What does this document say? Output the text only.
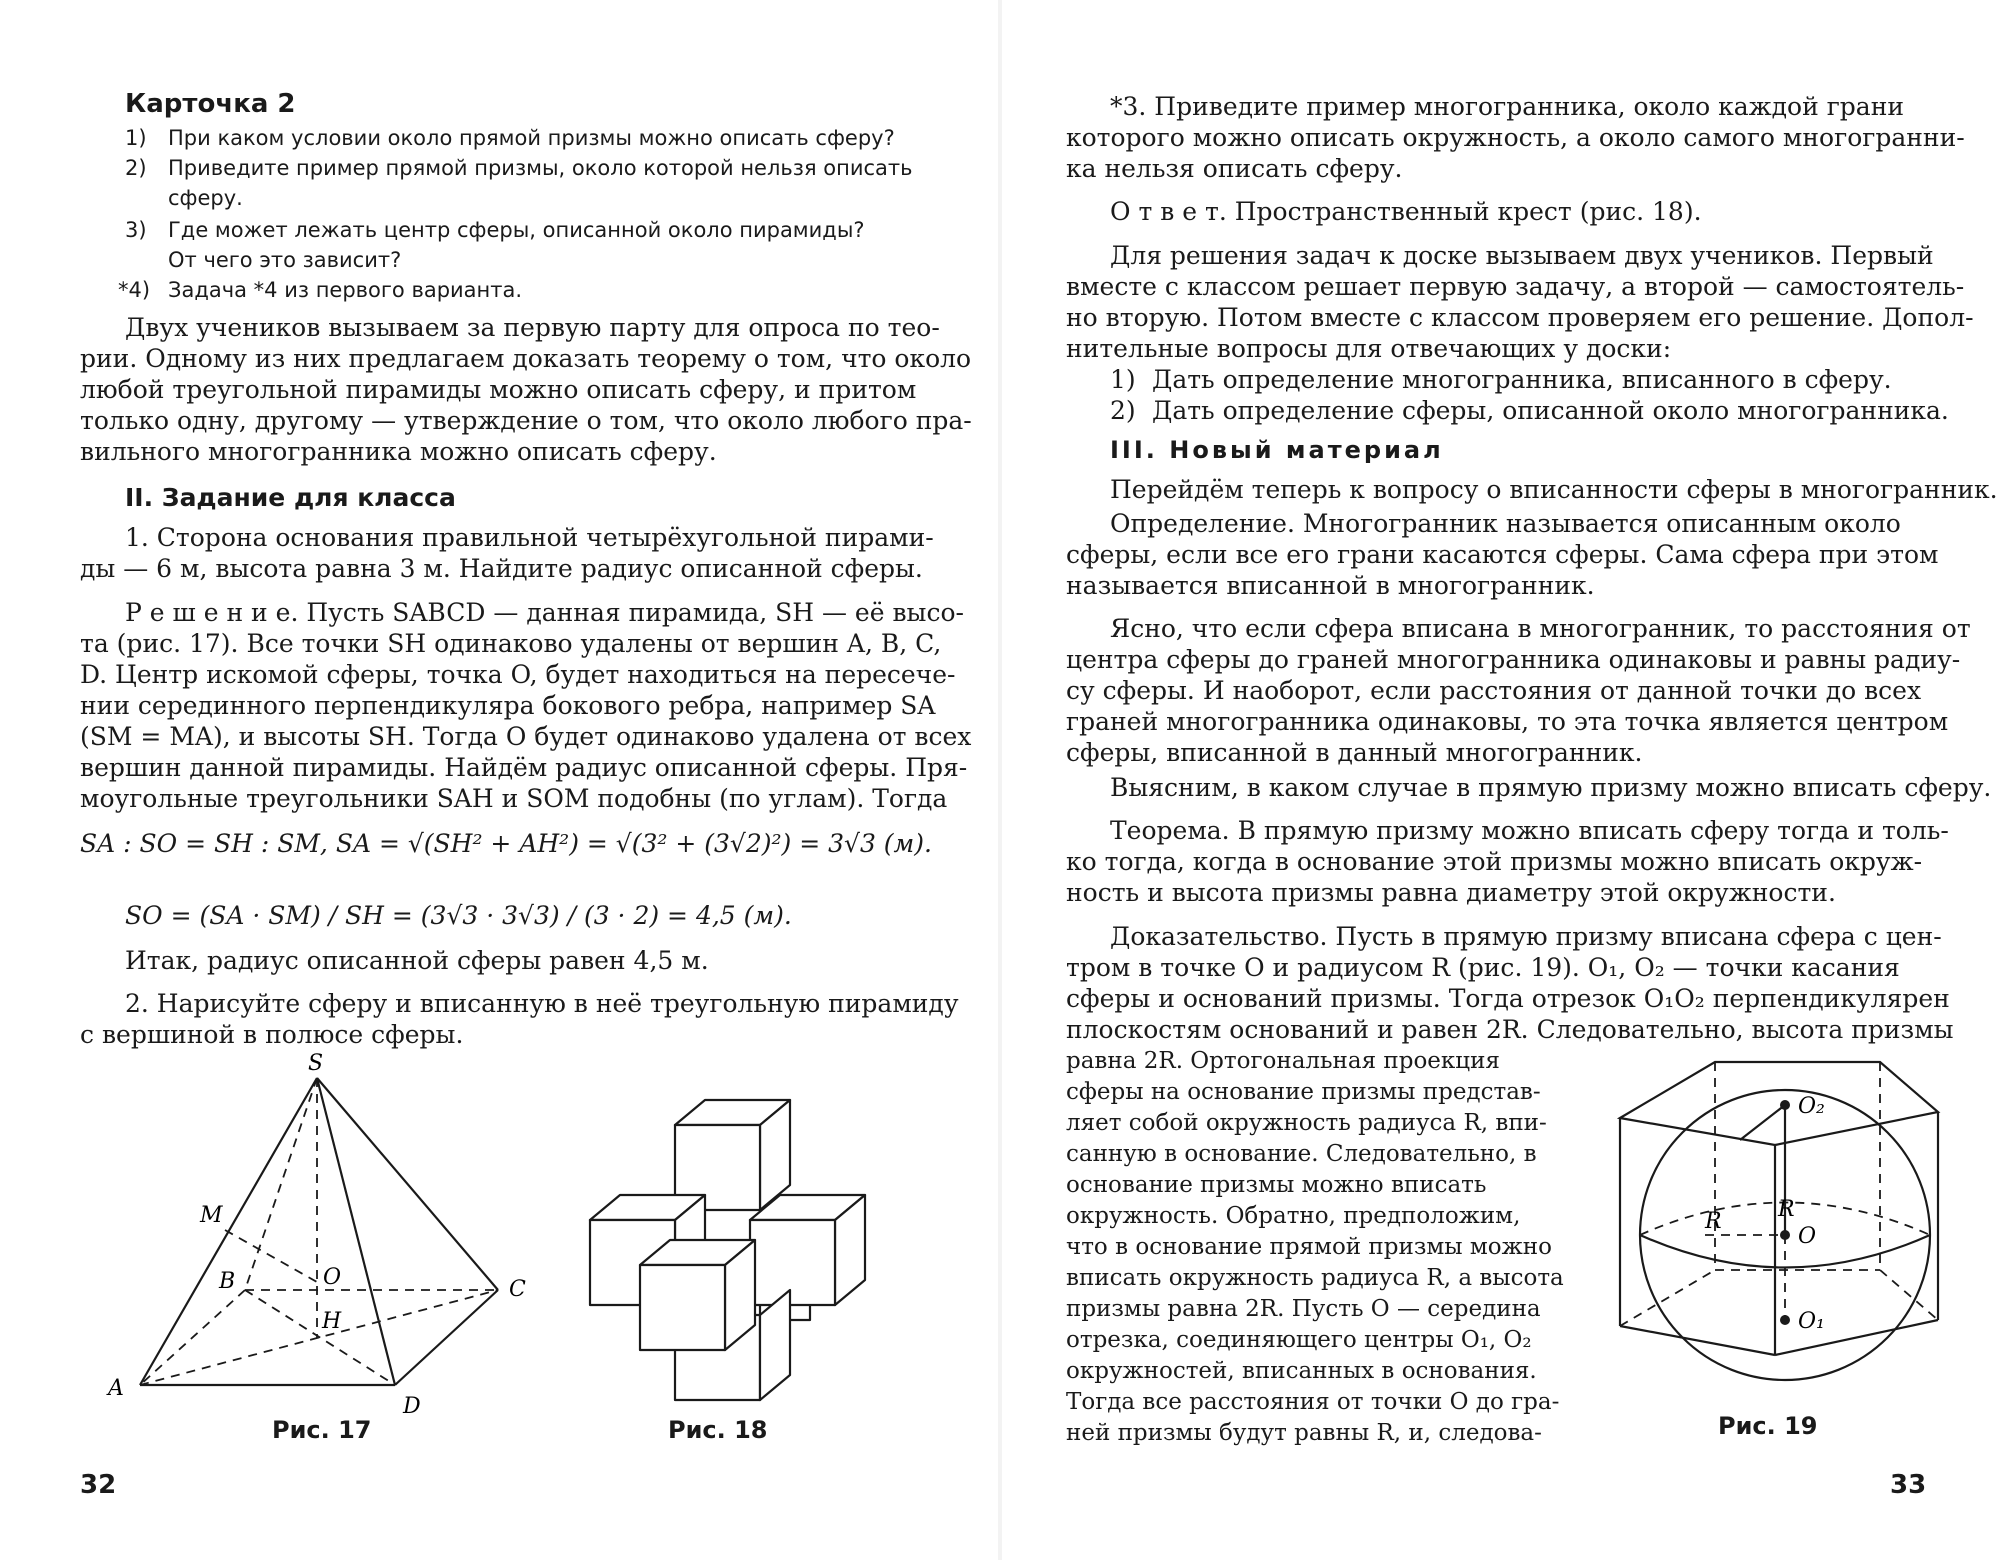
Карточка 2
1) При каком условии около прямой призмы можно описать сферу?
2) Приведите пример прямой призмы, около которой нельзя описать
сферу.
3) Где может лежать центр сферы, описанной около пирамиды?
От чего это зависит?
*4) Задача *4 из первого варианта.
Двух учеников вызываем за первую парту для опроса по тео-
рии. Одному из них предлагаем доказать теорему о том, что около
любой треугольной пирамиды можно описать сферу, и притом
только одну, другому — утверждение о том, что около любого пра-
вильного многогранника можно описать сферу.
II. Задание для класса
1. Сторона основания правильной четырёхугольной пирами-
ды — 6 м, высота равна 3 м. Найдите радиус описанной сферы.
Р е ш е н и е. Пусть SABCD — данная пирамида, SH — её высо-
та (рис. 17). Все точки SH одинаково удалены от вершин A, B, C,
D. Центр искомой сферы, точка O, будет находиться на пересече-
нии серединного перпендикуляра бокового ребра, например SA
(SM = MA), и высоты SH. Тогда O будет одинаково удалена от всех
вершин данной пирамиды. Найдём радиус описанной сферы. Пря-
моугольные треугольники SAH и SOM подобны (по углам). Тогда
SA : SO = SH : SM, SA = √(SH² + AH²) = √(3² + (3√2)²) = 3√3 (м).
SO = (SA · SM) / SH = (3√3 · 3√3) / (3 · 2) = 4,5 (м).
Итак, радиус описанной сферы равен 4,5 м.
2. Нарисуйте сферу и вписанную в неё треугольную пирамиду
с вершиной в полюсе сферы.
S
M
B	O	C
H
A
D
Рис. 17	Рис. 18
32
*3. Приведите пример многогранника, около каждой грани
которого можно описать окружность, а около самого многогранни-
ка нельзя описать сферу.
О т в е т. Пространственный крест (рис. 18).
Для решения задач к доске вызываем двух учеников. Первый
вместе с классом решает первую задачу, а второй — самостоятель-
но вторую. Потом вместе с классом проверяем его решение. Допол-
нительные вопросы для отвечающих у доски:
1) Дать определение многогранника, вписанного в сферу.
2) Дать определение сферы, описанной около многогранника.
III. Новый материал
Перейдём теперь к вопросу о вписанности сферы в многогранник.
Определение. Многогранник называется описанным около
сферы, если все его грани касаются сферы. Сама сфера при этом
называется вписанной в многогранник.
Ясно, что если сфера вписана в многогранник, то расстояния от
центра сферы до граней многогранника одинаковы и равны радиу-
су сферы. И наоборот, если расстояния от данной точки до всех
граней многогранника одинаковы, то эта точка является центром
сферы, вписанной в данный многогранник.
Выясним, в каком случае в прямую призму можно вписать сферу.
Теорема. В прямую призму можно вписать сферу тогда и толь-
ко тогда, когда в основание этой призмы можно вписать окруж-
ность и высота призмы равна диаметру этой окружности.
Доказательство. Пусть в прямую призму вписана сфера с цен-
тром в точке O и радиусом R (рис. 19). O₁, O₂ — точки касания
сферы и оснований призмы. Тогда отрезок O₁O₂ перпендикулярен
плоскостям оснований и равен 2R. Следовательно, высота призмы
равна 2R. Ортогональная проекция
сферы на основание призмы представ-
ляет собой окружность радиуса R, впи-
санную в основание. Следовательно, в
основание призмы можно вписать
окружность. Обратно, предположим,
что в основание прямой призмы можно
вписать окружность радиуса R, а высота
призмы равна 2R. Пусть O — середина
отрезка, соединяющего центры O₁, O₂
окружностей, вписанных в основания.
Тогда все расстояния от точки O до гра-
ней призмы будут равны R, и, следова-
O₂
R
O
R
O₁
Рис. 19
33
